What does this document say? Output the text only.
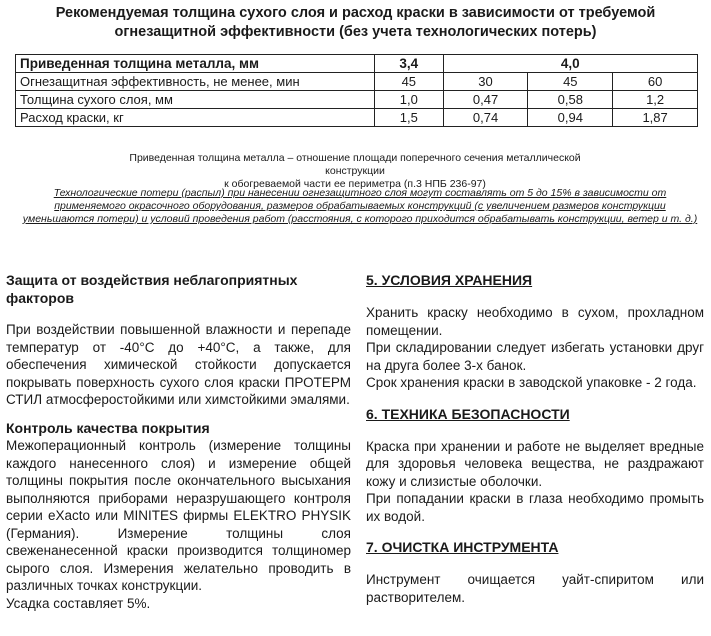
Рекомендуемая толщина сухого слоя и расход краски в зависимости от требуемой
огнезащитной эффективности (без учета технологических потерь)
Приведенная толщина металла, мм	3,4	4,0		
Огнезащитная эффективность, не менее, мин	45	30	45	60
Толщина сухого слоя, мм	1,0	0,47	0,58	1,2
Расход краски, кг	1,5	0,74	0,94	1,87
Приведенная толщина металла – отношение площади поперечного сечения металлической конструкции
к обогреваемой части ее периметра (п.3 НПБ 236-97)
Технологические потери (распыл) при нанесении огнезащитного слоя могут составлять от 5 до 15% в зависимости от
применяемого окрасочного оборудования, размеров обрабатываемых конструкций (с увеличением размеров конструкции
уменьшаются потери) и условий проведения работ (расстояния, с которого приходится обрабатывать конструкции, ветер и т. д.)
Защита от воздействия неблагоприятных факторов

При воздействии повышенной влажности и перепаде температур от -40°С до +40°С, а также, для обеспечения химической стойкости допускается покрывать поверхность сухого слоя краски ПРОТЕРМ СТИЛ атмосферостойкими или химстойкими эмалями.

Контроль качества покрытия

Межоперационный контроль (измерение толщины каждого нанесенного слоя) и измерение общей толщины покрытия после окончательного высыхания выполняются приборами неразрушающего контроля серии eXacto или MINITES фирмы ELEKTRO PHYSIK (Германия). Измерение толщины слоя свеженанесенной краски производится толщиномер сырого слоя. Измерения желательно проводить в различных точках конструкции.

Усадка составляет 5%.

5. УСЛОВИЯ ХРАНЕНИЯ

Хранить краску необходимо в сухом, прохладном помещении.

При складировании следует избегать установки друг на друга более 3-х банок.

Срок хранения краски в заводской упаковке - 2 года.

6. ТЕХНИКА БЕЗОПАСНОСТИ

Краска при хранении и работе не выделяет вредные для здоровья человека вещества, не раздражают кожу и слизистые оболочки.

При попадании краски в глаза необходимо промыть их водой.

7. ОЧИСТКА ИНСТРУМЕНТА

Инструмент очищается уайт-спиритом или растворителем.
